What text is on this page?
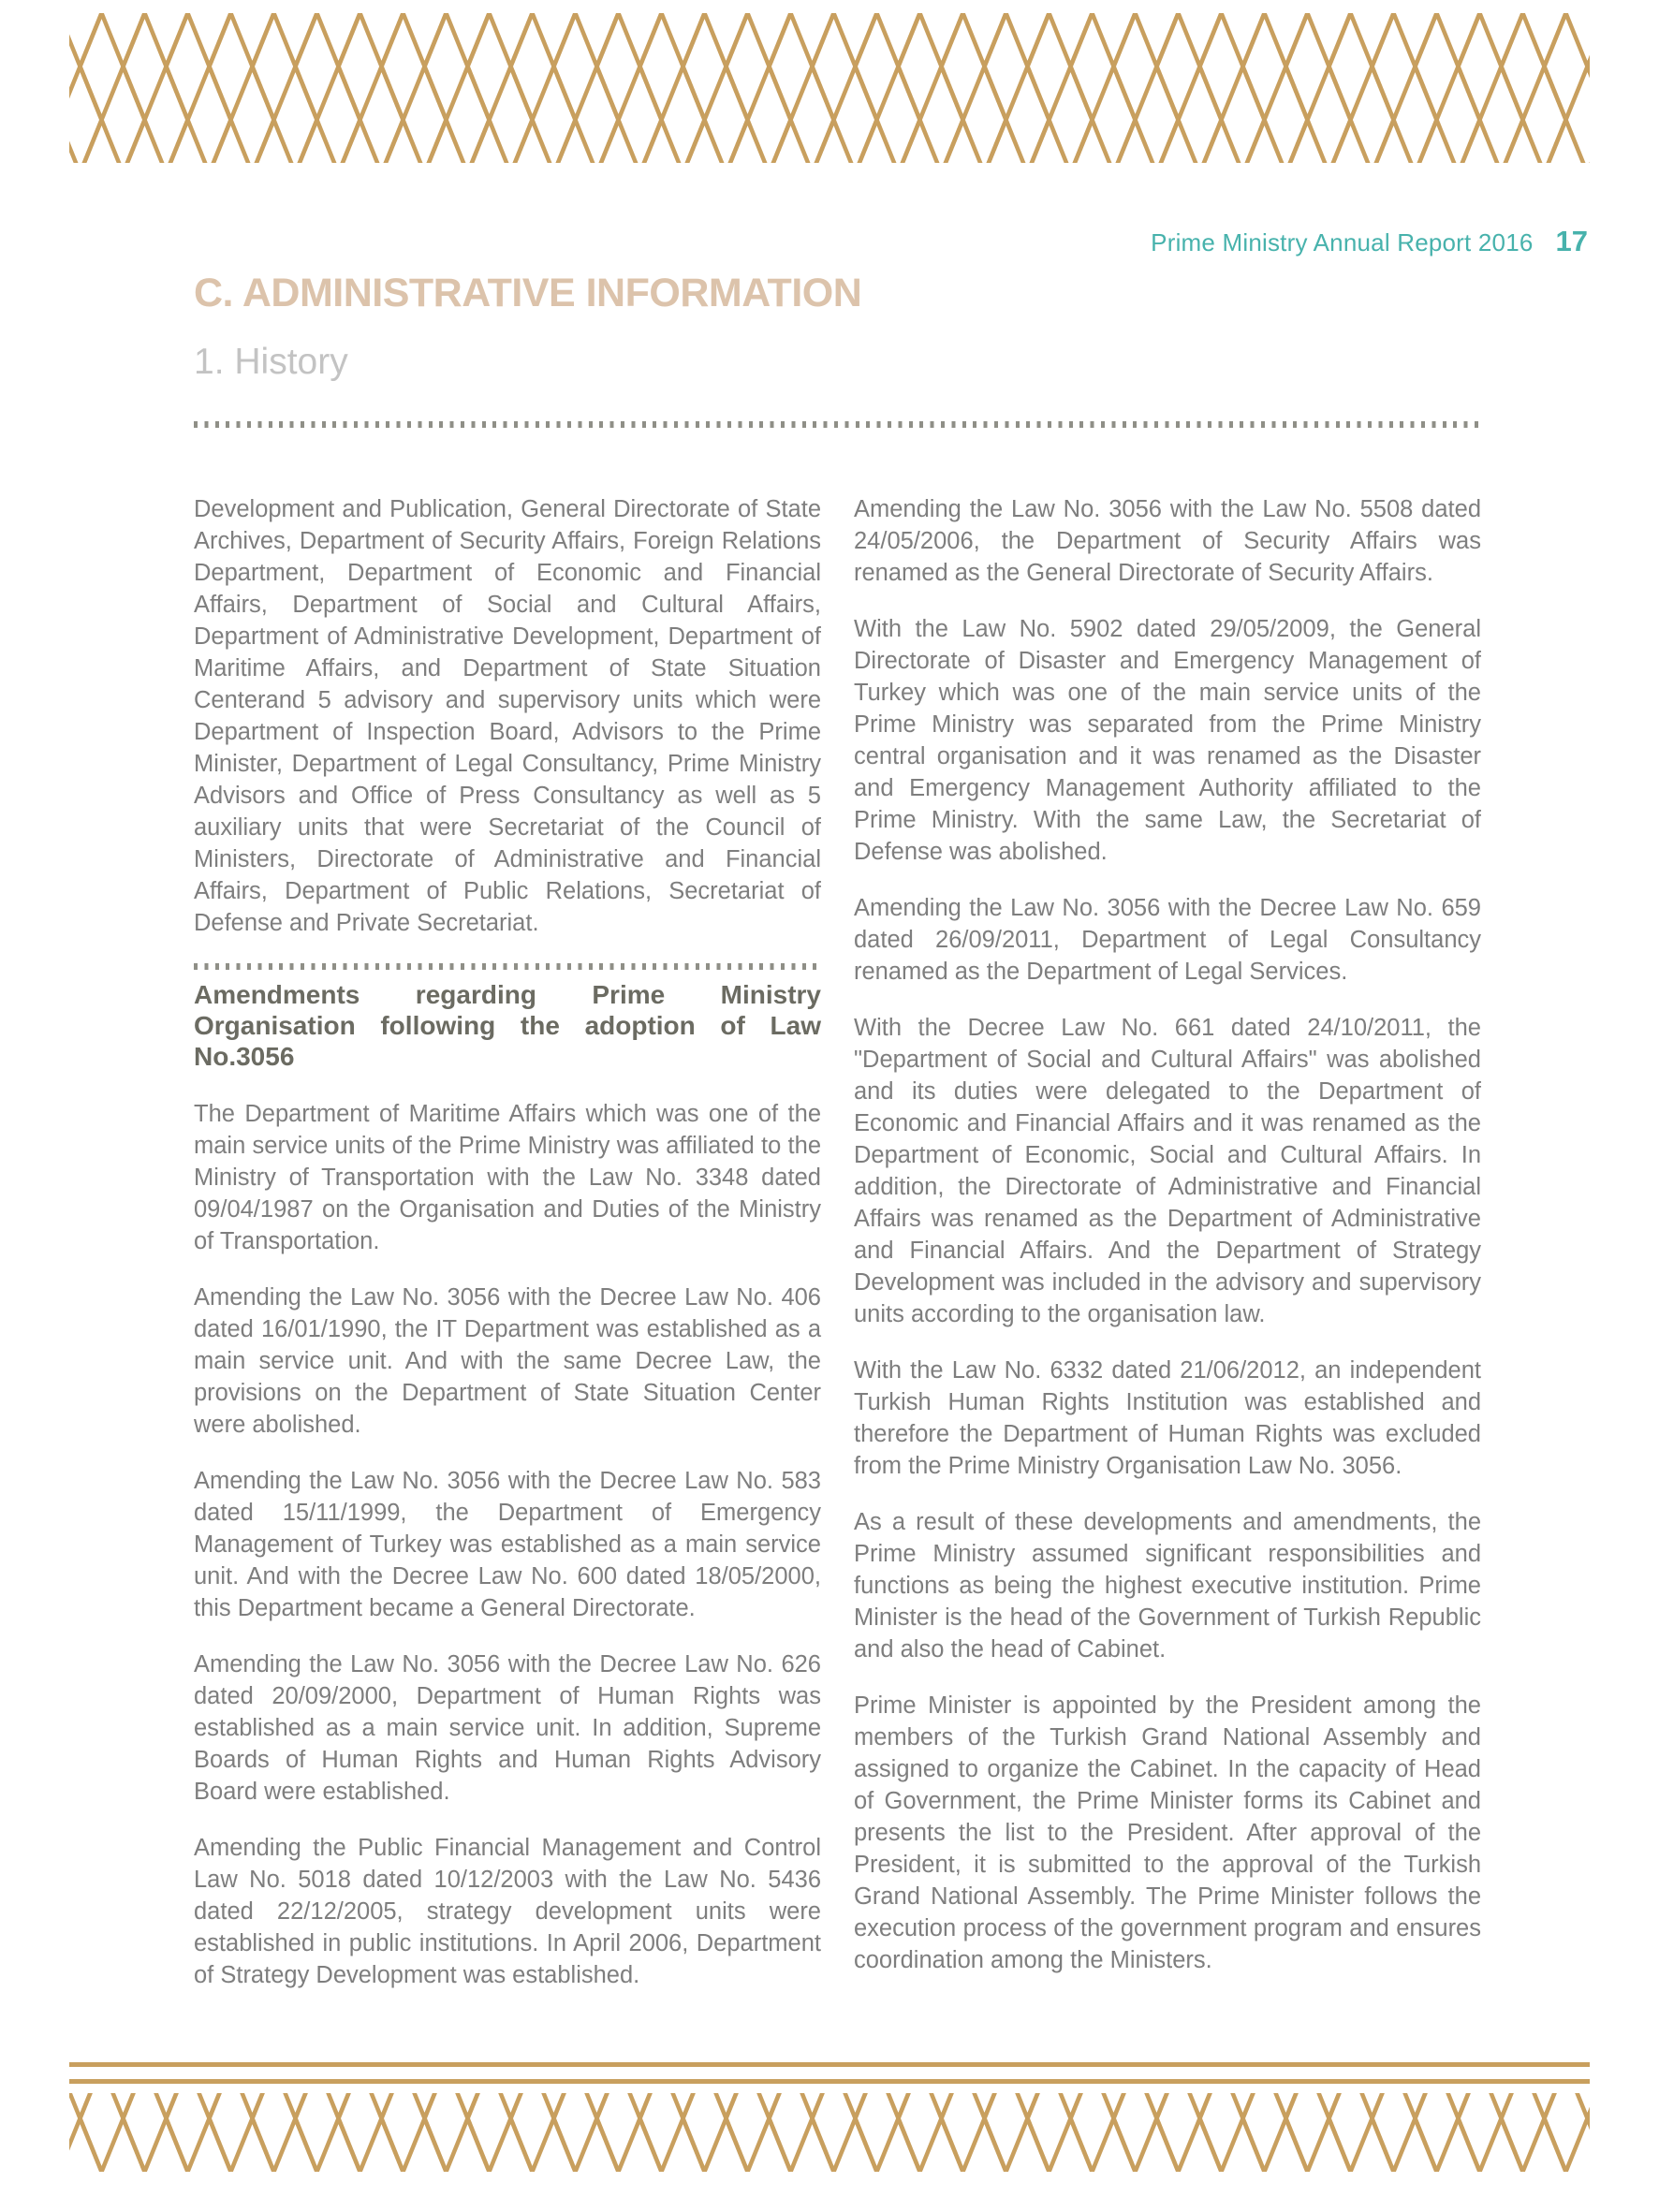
Prime Ministry Annual Report 2016 17
C. ADMINISTRATIVE INFORMATION
1. History

Development and Publication, General Directorate of State Archives, Department of Security Affairs, Foreign Relations Department, Department of Economic and Financial Affairs, Department of Social and Cultural Affairs, Department of Administrative Development, Department of Maritime Affairs, and Department of State Situation Centerand 5 advisory and supervisory units which were Department of Inspection Board, Advisors to the Prime Minister, Department of Legal Consultancy, Prime Ministry Advisors and Office of Press Consultancy as well as 5 auxiliary units that were Secretariat of the Council of Ministers, Directorate of Administrative and Financial Affairs, Department of Public Relations, Secretariat of Defense and Private Secretariat.

Amendments regarding Prime Ministry Organisation following the adoption of Law No.3056

The Department of Maritime Affairs which was one of the main service units of the Prime Ministry was affiliated to the Ministry of Transportation with the Law No. 3348 dated 09/04/1987 on the Organisation and Duties of the Ministry of Transportation.

Amending the Law No. 3056 with the Decree Law No. 406 dated 16/01/1990, the IT Department was established as a main service unit. And with the same Decree Law, the provisions on the Department of State Situation Center were abolished.

Amending the Law No. 3056 with the Decree Law No. 583 dated 15/11/1999, the Department of Emergency Management of Turkey was established as a main service unit. And with the Decree Law No. 600 dated 18/05/2000, this Department became a General Directorate.

Amending the Law No. 3056 with the Decree Law No. 626 dated 20/09/2000, Department of Human Rights was established as a main service unit. In addition, Supreme Boards of Human Rights and Human Rights Advisory Board were established.

Amending the Public Financial Management and Control Law No. 5018 dated 10/12/2003 with the Law No. 5436 dated 22/12/2005, strategy development units were established in public institutions. In April 2006, Department of Strategy Development was established.

Amending the Law No. 3056 with the Law No. 5508 dated 24/05/2006, the Department of Security Affairs was renamed as the General Directorate of Security Affairs.

With the Law No. 5902 dated 29/05/2009, the General Directorate of Disaster and Emergency Management of Turkey which was one of the main service units of the Prime Ministry was separated from the Prime Ministry central organisation and it was renamed as the Disaster and Emergency Management Authority affiliated to the Prime Ministry. With the same Law, the Secretariat of Defense was abolished.

Amending the Law No. 3056 with the Decree Law No. 659 dated 26/09/2011, Department of Legal Consultancy renamed as the Department of Legal Services.

With the Decree Law No. 661 dated 24/10/2011, the "Department of Social and Cultural Affairs" was abolished and its duties were delegated to the Department of Economic and Financial Affairs and it was renamed as the Department of Economic, Social and Cultural Affairs. In addition, the Directorate of Administrative and Financial Affairs was renamed as the Department of Administrative and Financial Affairs. And the Department of Strategy Development was included in the advisory and supervisory units according to the organisation law.

With the Law No. 6332 dated 21/06/2012, an independent Turkish Human Rights Institution was established and therefore the Department of Human Rights was excluded from the Prime Ministry Organisation Law No. 3056.

As a result of these developments and amendments, the Prime Ministry assumed significant responsibilities and functions as being the highest executive institution. Prime Minister is the head of the Government of Turkish Republic and also the head of Cabinet.

Prime Minister is appointed by the President among the members of the Turkish Grand National Assembly and assigned to organize the Cabinet. In the capacity of Head of Government, the Prime Minister forms its Cabinet and presents the list to the President. After approval of the President, it is submitted to the approval of the Turkish Grand National Assembly. The Prime Minister follows the execution process of the government program and ensures coordination among the Ministers.
